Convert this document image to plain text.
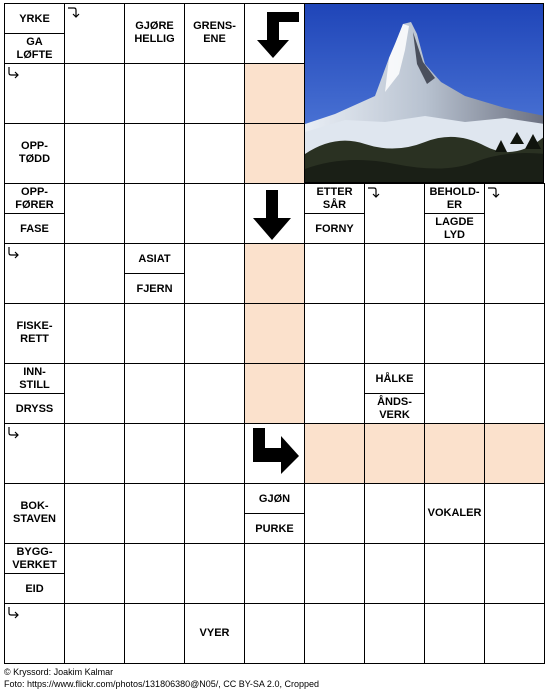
YRKE
GA
LØFTE
GJØRE
HELLIG
GRENS-
ENE
OPP-
TØDD
OPP-
FØRER
FASE
ETTER
SÅR
FORNY
BEHOLD-
ER
LAGDE
LYD
ASIAT
FJERN
FISKE-
RETT
INN-
STILL
DRYSS
HÅLKE
ÅNDS-
VERK
BOK-
STAVEN
GJØN
PURKE
VOKALER
BYGG-
VERKET
EID
VYER
© Kryssord: Joakim Kalmar
Foto: https://www.flickr.com/photos/131806380@N05/, CC BY-SA 2.0, Cropped
